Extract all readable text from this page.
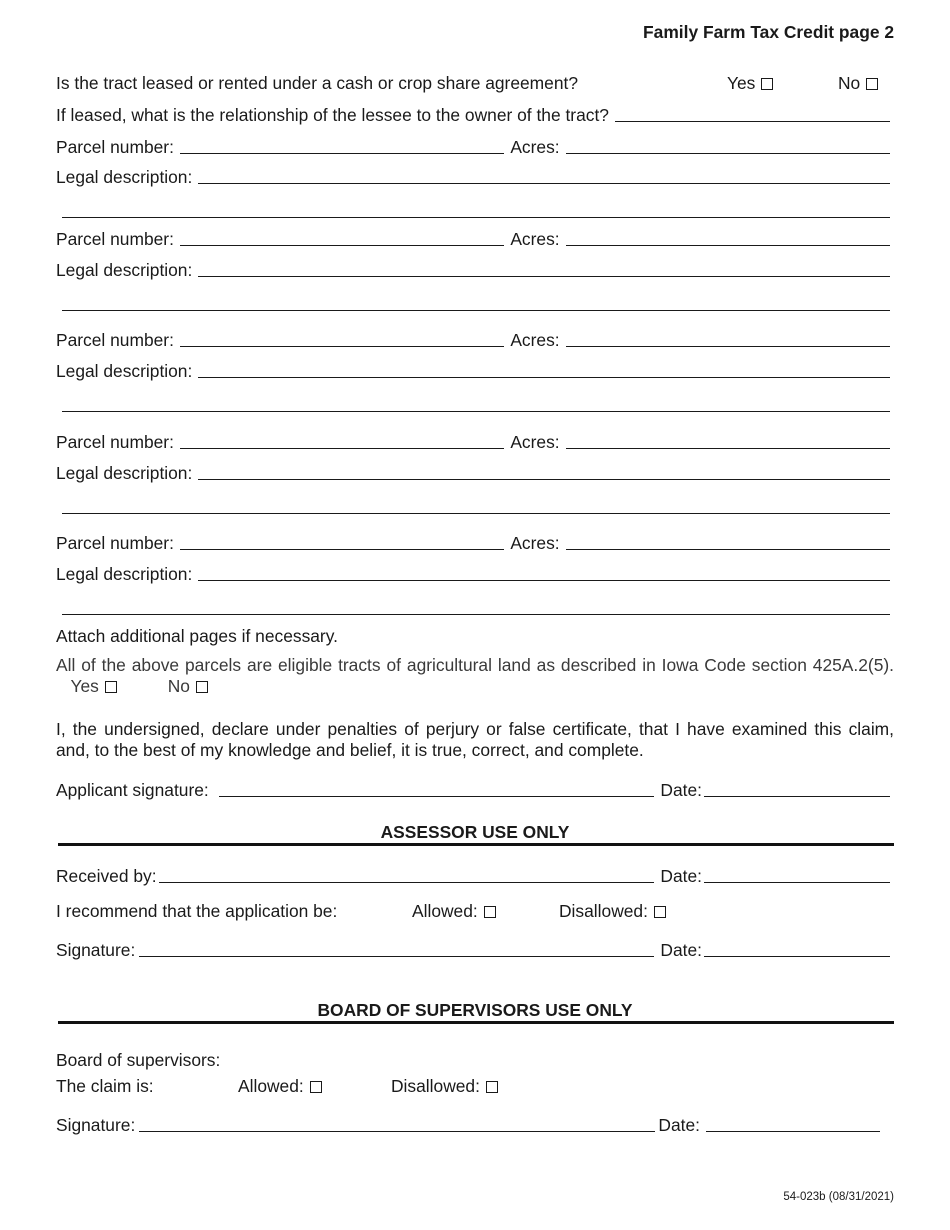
Family Farm Tax Credit page 2
Is the tract leased or rented under a cash or crop share agreement?	Yes	No
If leased, what is the relationship of the lessee to the owner of the tract?
Parcel number:	Acres:
Legal description:
Parcel number:	Acres:
Legal description:
Parcel number:	Acres:
Legal description:
Parcel number:	Acres:
Legal description:
Parcel number:	Acres:
Legal description:
Attach additional pages if necessary.
All of the above parcels are eligible tracts of agricultural land as described in Iowa Code section 425A.2(5).    Yes	No
I, the undersigned, declare under penalties of perjury or false certificate, that I have examined this claim, and, to the best of my knowledge and belief, it is true, correct, and complete.
Applicant signature:	Date:
ASSESSOR USE ONLY
Received by:	Date:
I recommend that the application be:	Allowed:	Disallowed:
Signature:	Date:
BOARD OF SUPERVISORS USE ONLY
Board of supervisors:
The claim is:	Allowed:	Disallowed:
Signature:	Date:
54-023b (08/31/2021)
